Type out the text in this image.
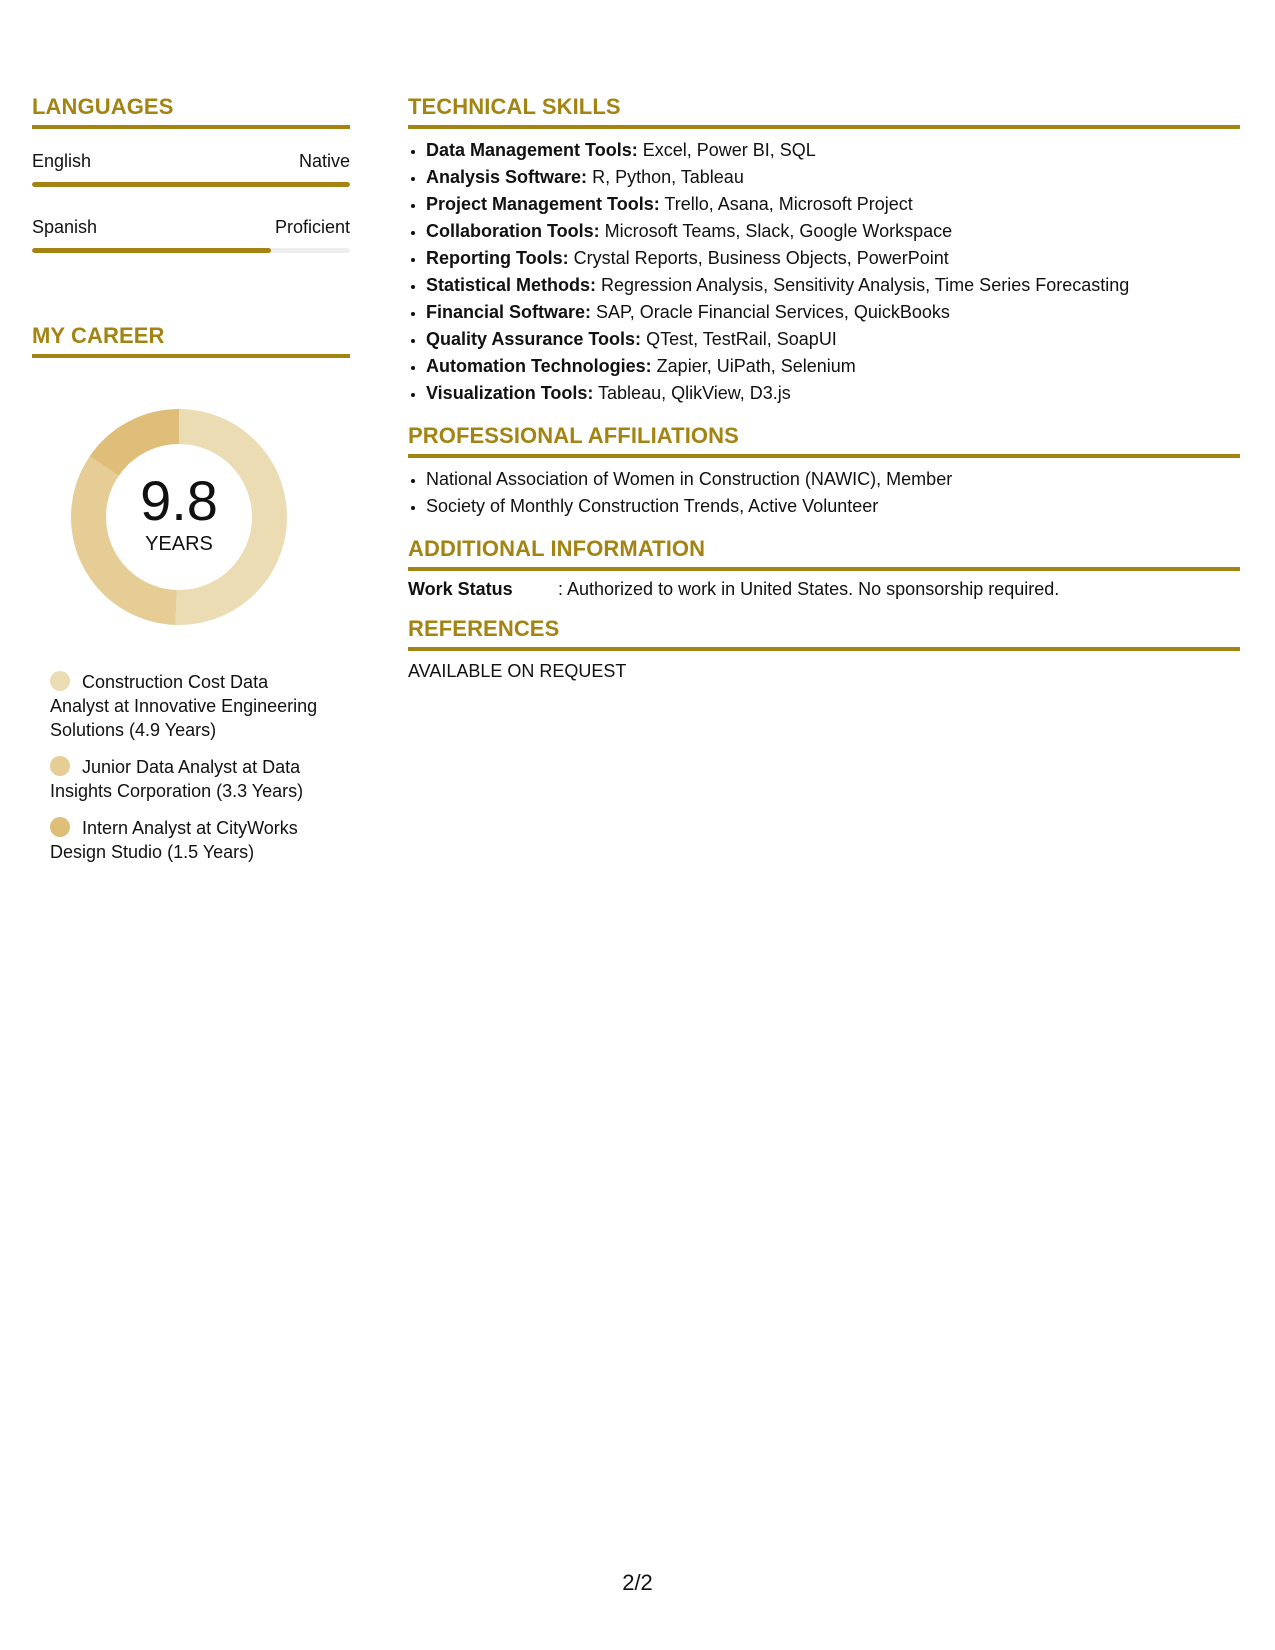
LANGUAGES
English	Native
Spanish	Proficient
MY CAREER
9.8
YEARS
Construction Cost Data Analyst at Innovative Engineering Solutions (4.9 Years)
Junior Data Analyst at Data Insights Corporation (3.3 Years)
Intern Analyst at CityWorks Design Studio (1.5 Years)
TECHNICAL SKILLS
• Data Management Tools: Excel, Power BI, SQL
• Analysis Software: R, Python, Tableau
• Project Management Tools: Trello, Asana, Microsoft Project
• Collaboration Tools: Microsoft Teams, Slack, Google Workspace
• Reporting Tools: Crystal Reports, Business Objects, PowerPoint
• Statistical Methods: Regression Analysis, Sensitivity Analysis, Time Series Forecasting
• Financial Software: SAP, Oracle Financial Services, QuickBooks
• Quality Assurance Tools: QTest, TestRail, SoapUI
• Automation Technologies: Zapier, UiPath, Selenium
• Visualization Tools: Tableau, QlikView, D3.js
PROFESSIONAL AFFILIATIONS
• National Association of Women in Construction (NAWIC), Member
• Society of Monthly Construction Trends, Active Volunteer
ADDITIONAL INFORMATION
Work Status	: Authorized to work in United States. No sponsorship required.
REFERENCES
AVAILABLE ON REQUEST
2/2
